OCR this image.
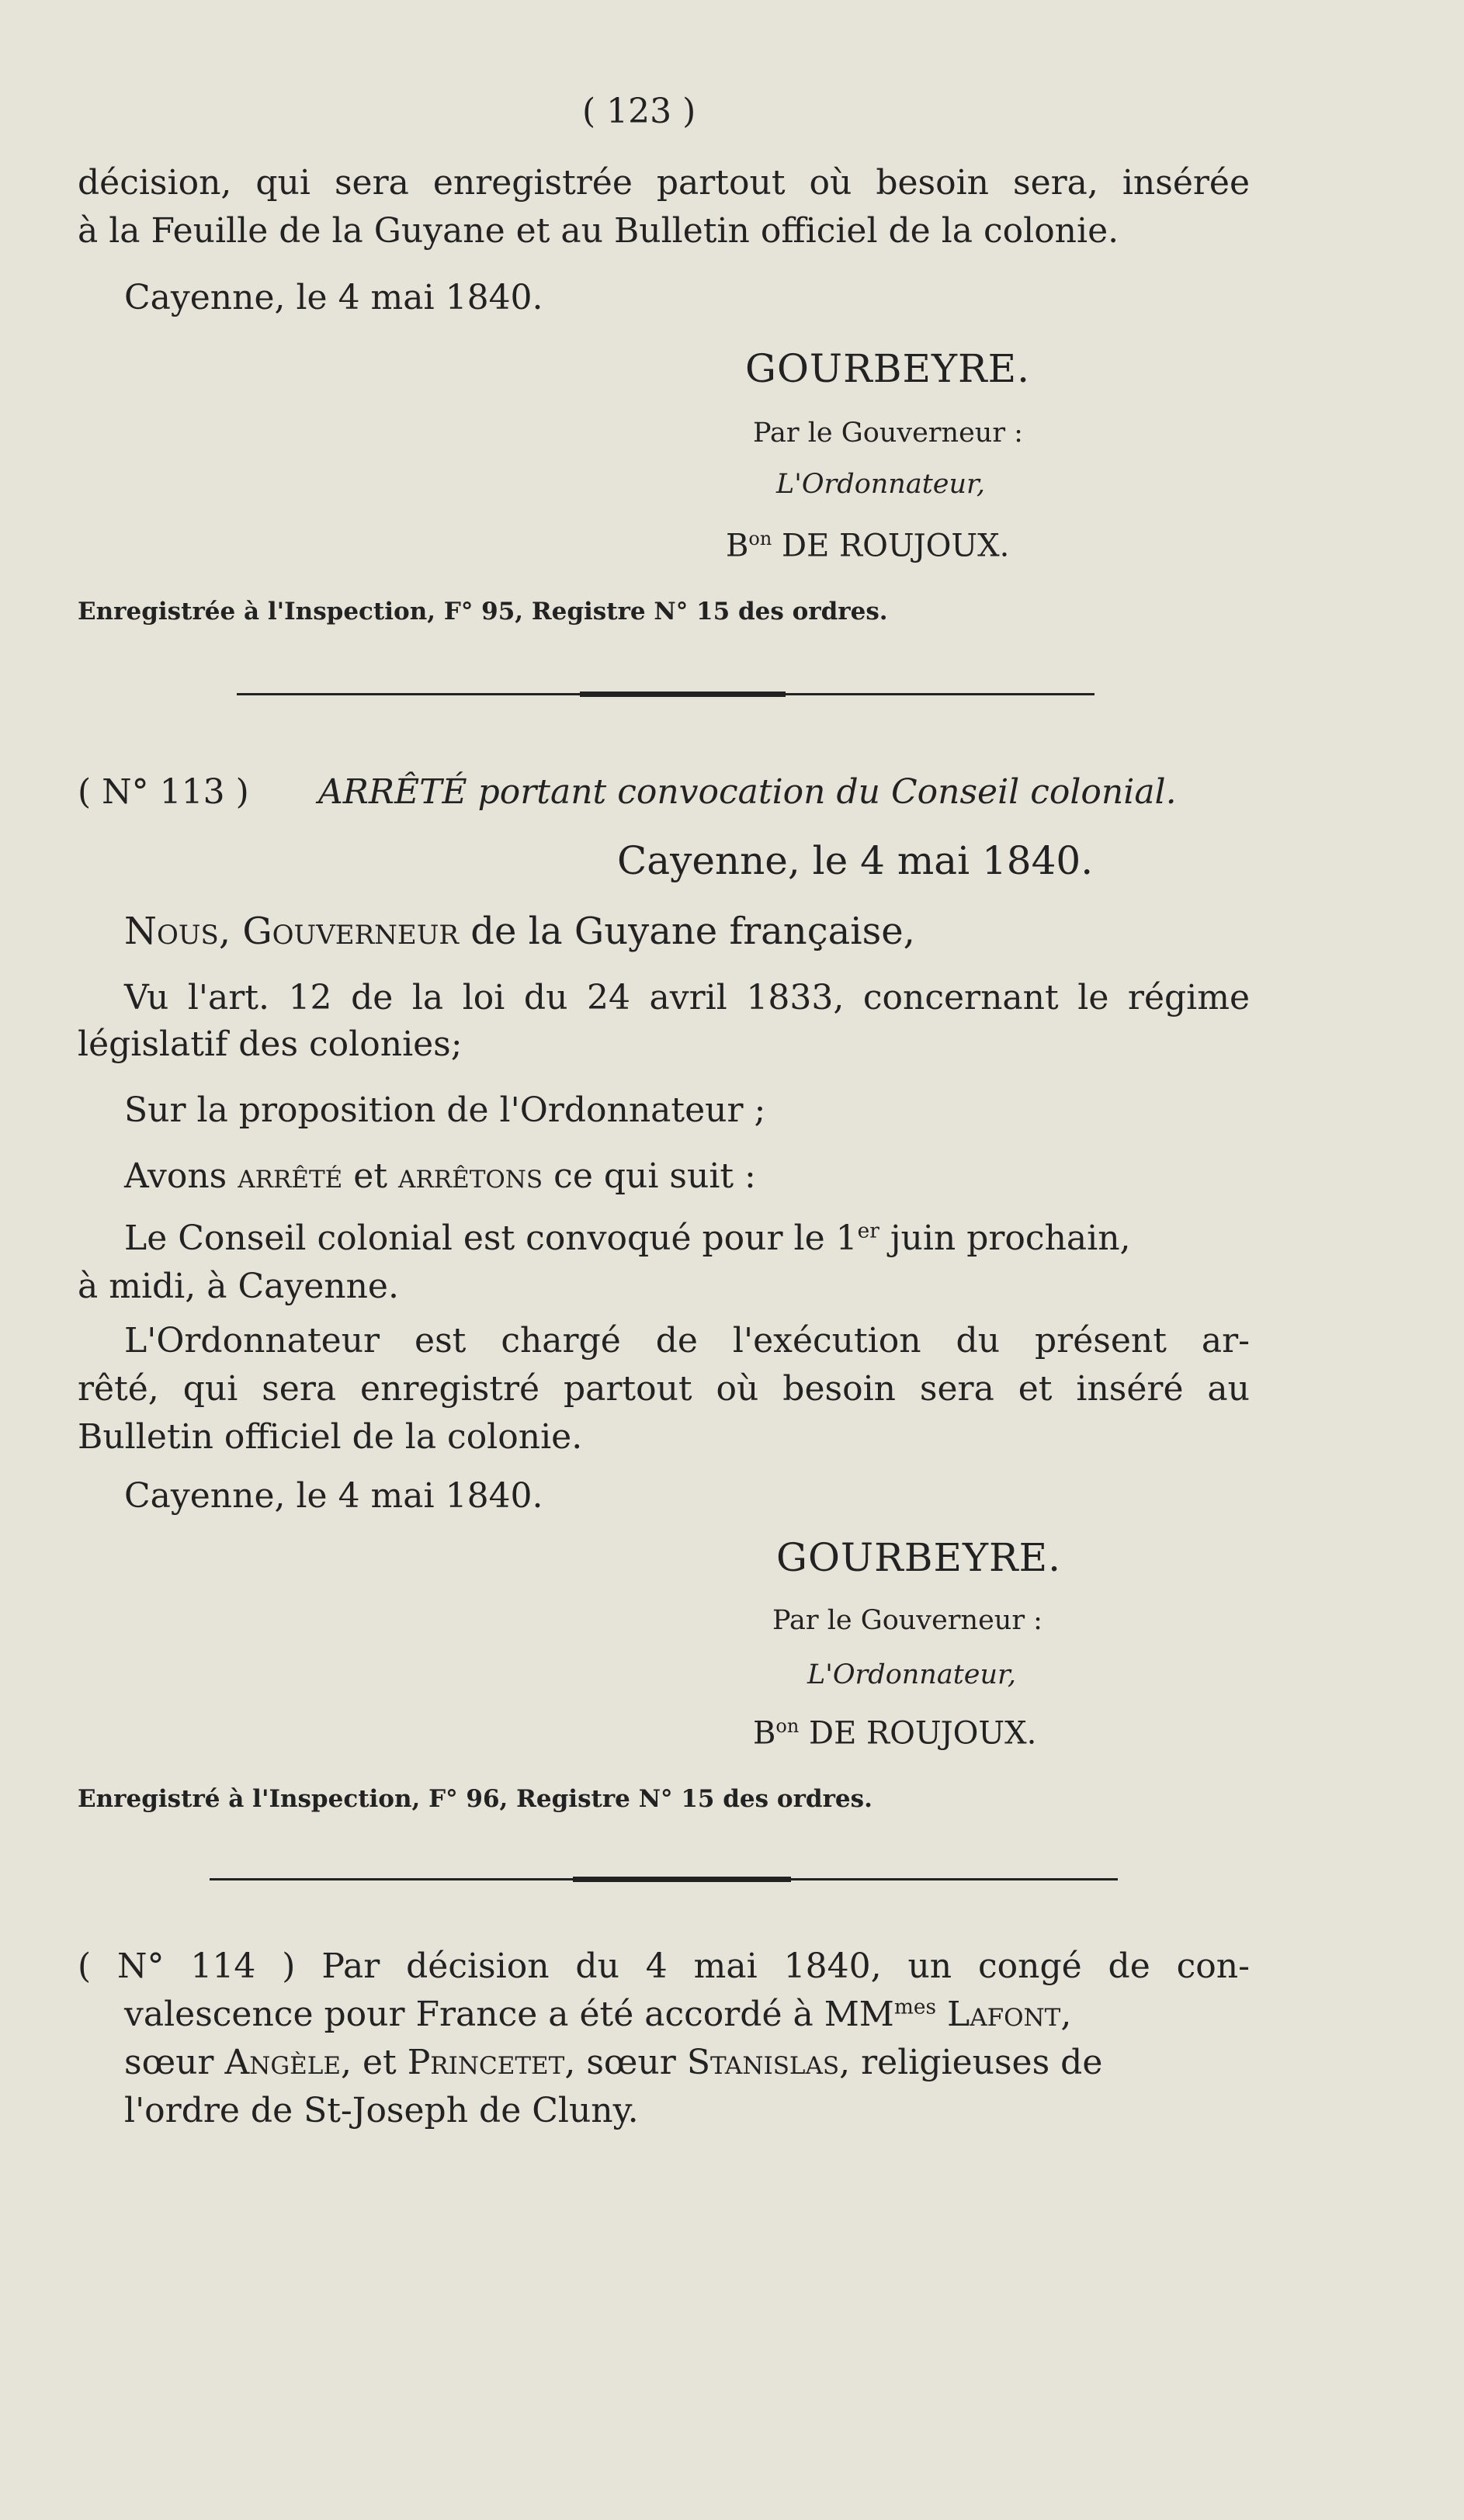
( 123 )
décision, qui sera enregistrée partout où besoin sera, insérée
à la Feuille de la Guyane et au Bulletin officiel de la colonie.
Cayenne, le 4 mai 1840.
GOURBEYRE.
Par le Gouverneur :
L'Ordonnateur,
$B^{on}$ DE ROUJOUX.
Enregistrée à l'Inspection, F° 95, Registre N° 15 des ordres.
( N° 113 ) ARRÊTÉ portant convocation du Conseil colonial.
Cayenne, le 4 mai 1840.
Nous, Gouverneur de la Guyane française,
Vu l'art. 12 de la loi du 24 avril 1833, concernant le régime
législatif des colonies;
Sur la proposition de l'Ordonnateur ;
Avons arrêté et arrêtons ce qui suit :
Le Conseil colonial est convoqué pour le 1er juin prochain,
à midi, à Cayenne.
L'Ordonnateur est chargé de l'exécution du présent ar-
rêté, qui sera enregistré partout où besoin sera et inséré au
Bulletin officiel de la colonie.
Cayenne, le 4 mai 1840.
GOURBEYRE.
Par le Gouverneur :
L'Ordonnateur,
$B^{on}$ DE ROUJOUX.
Enregistré à l'Inspection, F° 96, Registre N° 15 des ordres.
( N° 114 ) Par décision du 4 mai 1840, un congé de con-
valescence pour France a été accordé à $MM^{mes}$ Lafont,
sœur Angèle, et Princetet, sœur Stanislas, religieuses de
l'ordre de St-Joseph de Cluny.
